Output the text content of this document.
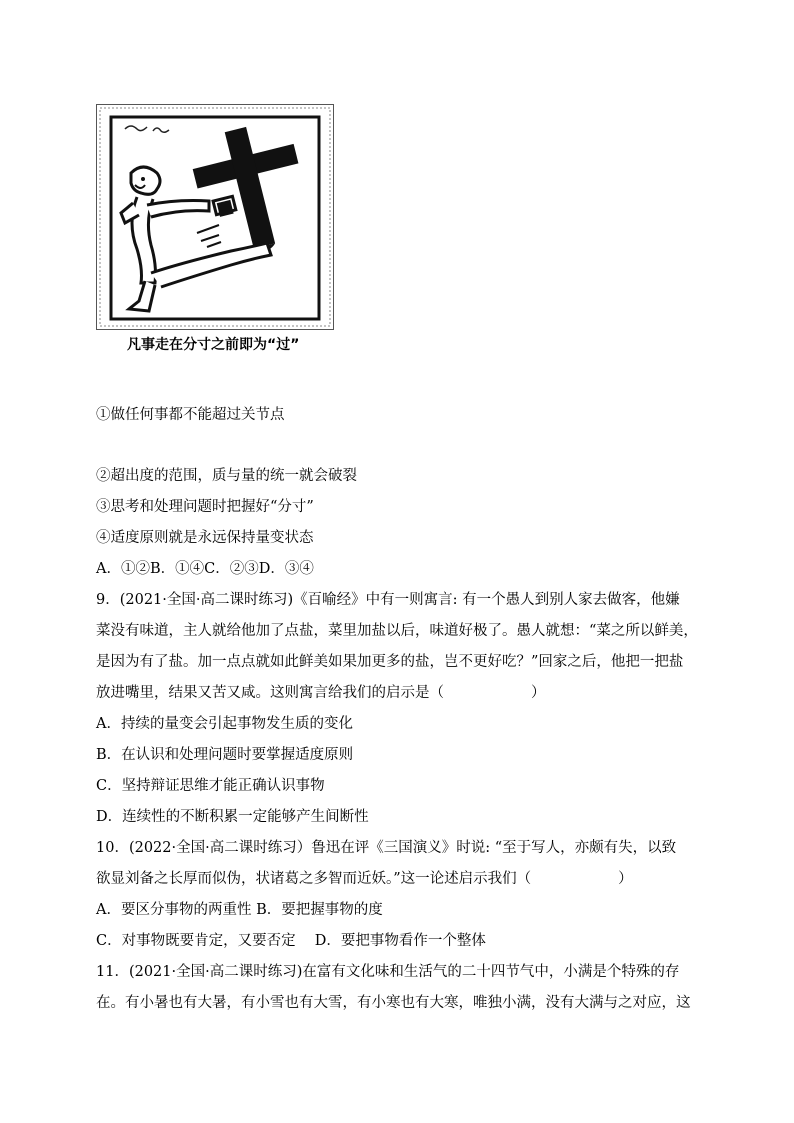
凡事走在分寸之前即为“过”
①做任何事都不能超过关节点
②超出度的范围，质与量的统一就会破裂
③思考和处理问题时把握好“分寸”
④适度原则就是永远保持量变状态
A．①②B．①④C．②③D．③④
9．(2021·全国·高二课时练习)《百喻经》中有一则寓言: 有一个愚人到别人家去做客，他嫌
菜没有味道，主人就给他加了点盐，菜里加盐以后，味道好极了。愚人就想：“菜之所以鲜美，
是因为有了盐。加一点点就如此鲜美如果加更多的盐，岂不更好吃？”回家之后，他把一把盐
放进嘴里，结果又苦又咸。这则寓言给我们的启示是（　　　　　　）
A．持续的量变会引起事物发生质的变化
B．在认识和处理问题时要掌握适度原则
C．坚持辩证思维才能正确认识事物
D．连续性的不断积累一定能够产生间断性
10．(2022·全国·高二课时练习）鲁迅在评《三国演义》时说: “至于写人，亦颇有失，以致
欲显刘备之长厚而似伪，状诸葛之多智而近妖。”这一论述启示我们（　　　　　　）
A．要区分事物的两重性 B．要把握事物的度
C．对事物既要肯定，又要否定　 D．要把事物看作一个整体
11．(2021·全国·高二课时练习)在富有文化味和生活气的二十四节气中，小满是个特殊的存
在。有小暑也有大暑，有小雪也有大雪，有小寒也有大寒，唯独小满，没有大满与之对应，这
